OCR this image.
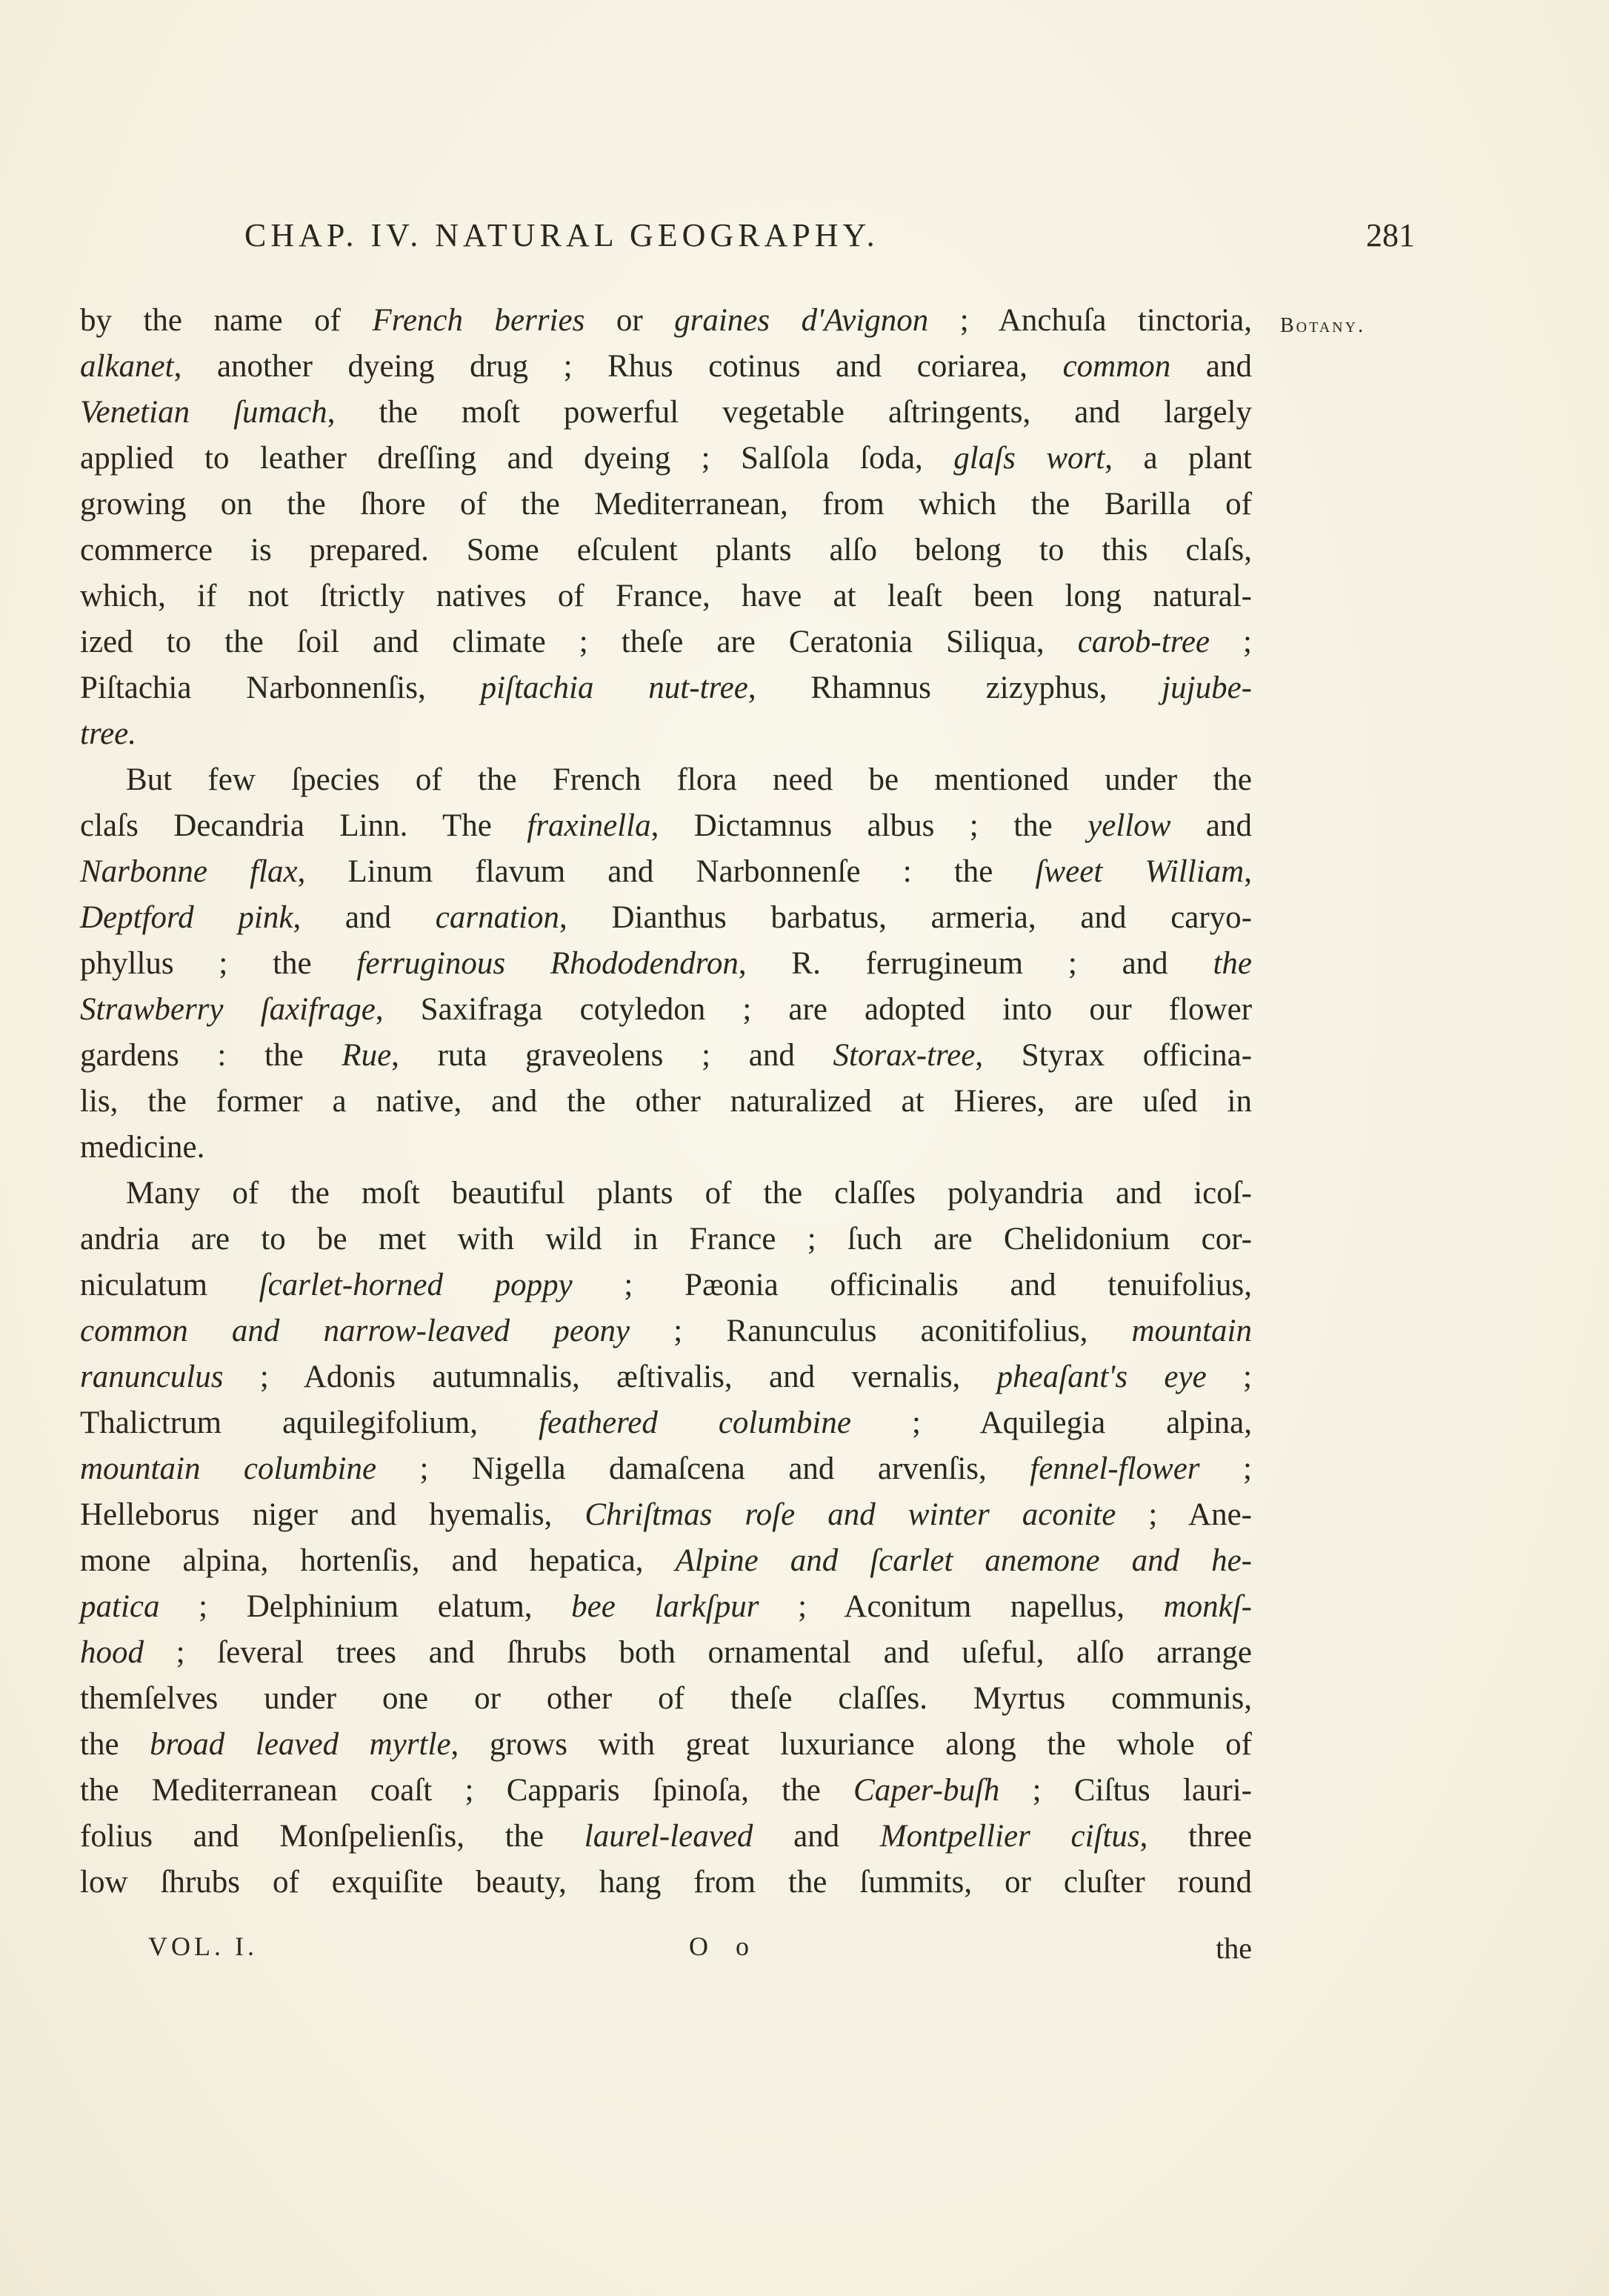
CHAP. IV. NATURAL GEOGRAPHY.	281
Botany.
by the name of French berries or graines d'Avignon ; Anchuſa tinctoria,
alkanet, another dyeing drug ; Rhus cotinus and coriarea, common and
Venetian ſumach, the moſt powerful vegetable aſtringents, and largely
applied to leather dreſſing and dyeing ; Salſola ſoda, glaſs wort, a plant
growing on the ſhore of the Mediterranean, from which the Barilla of
commerce is prepared. Some eſculent plants alſo belong to this claſs,
which, if not ſtrictly natives of France, have at leaſt been long natural-
ized to the ſoil and climate ; theſe are Ceratonia Siliqua, carob-tree ;
Piſtachia Narbonnenſis, piſtachia nut-tree, Rhamnus zizyphus, jujube-
tree.
But few ſpecies of the French flora need be mentioned under the
claſs Decandria Linn. The fraxinella, Dictamnus albus ; the yellow and
Narbonne flax, Linum flavum and Narbonnenſe : the ſweet William,
Deptford pink, and carnation, Dianthus barbatus, armeria, and caryo-
phyllus ; the ferruginous Rhododendron, R. ferrugineum ; and the
Strawberry ſaxifrage, Saxifraga cotyledon ; are adopted into our flower
gardens : the Rue, ruta graveolens ; and Storax-tree, Styrax officina-
lis, the former a native, and the other naturalized at Hieres, are uſed in
medicine.
Many of the moſt beautiful plants of the claſſes polyandria and icoſ-
andria are to be met with wild in France ; ſuch are Chelidonium cor-
niculatum ſcarlet-horned poppy ; Pæonia officinalis and tenuifolius,
common and narrow-leaved peony ; Ranunculus aconitifolius, mountain
ranunculus ; Adonis autumnalis, æſtivalis, and vernalis, pheaſant's eye ;
Thalictrum aquilegifolium, feathered columbine ; Aquilegia alpina,
mountain columbine ; Nigella damaſcena and arvenſis, fennel-flower ;
Helleborus niger and hyemalis, Chriſtmas roſe and winter aconite ; Ane-
mone alpina, hortenſis, and hepatica, Alpine and ſcarlet anemone and he-
patica ; Delphinium elatum, bee larkſpur ; Aconitum napellus, monkſ-
hood ; ſeveral trees and ſhrubs both ornamental and uſeful, alſo arrange
themſelves under one or other of theſe claſſes. Myrtus communis,
the broad leaved myrtle, grows with great luxuriance along the whole of
the Mediterranean coaſt ; Capparis ſpinoſa, the Caper-buſh ; Ciſtus lauri-
folius and Monſpelienſis, the laurel-leaved and Montpellier ciſtus, three
low ſhrubs of exquiſite beauty, hang from the ſummits, or cluſter round
VOL. I.	O o	the
